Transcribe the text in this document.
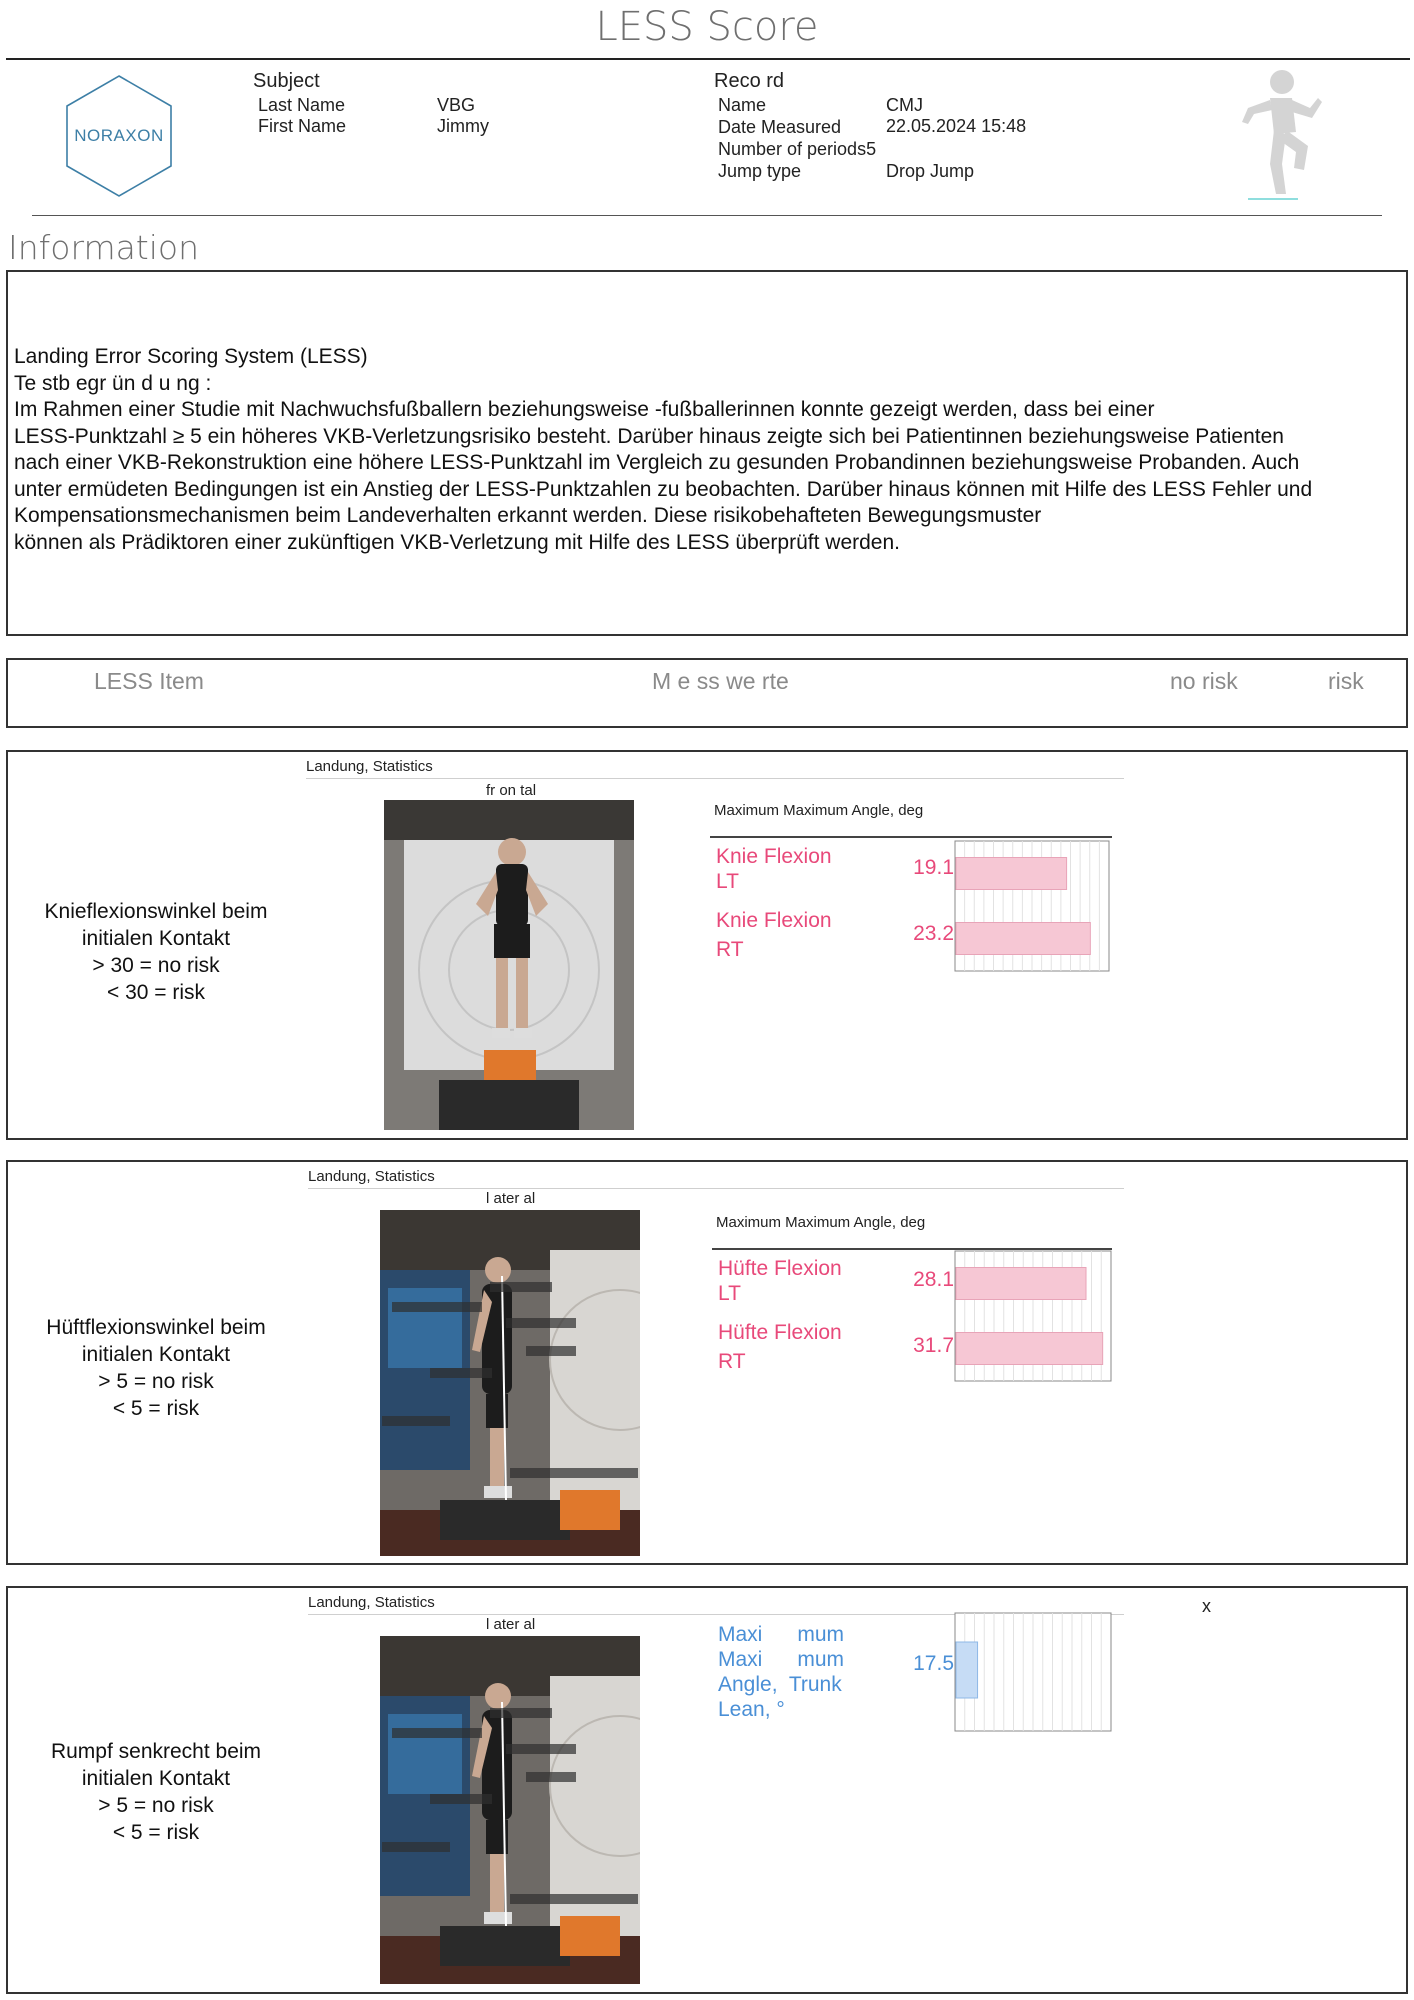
LESS Score
NORAXON
Subject
Last Name	VBG
First Name	Jimmy
Reco rd
Name	CMJ
Date Measured 22.05.2024 15:48
Number of periods5
Jump type	Drop Jump
Information
Landing Error Scoring System (LESS)
Te stb egr ün d u ng :
Im Rahmen einer Studie mit Nachwuchsfußballern beziehungsweise -fußballerinnen konnte gezeigt werden, dass bei einer
LESS-Punktzahl ≥ 5 ein höheres VKB-Verletzungsrisiko besteht. Darüber hinaus zeigte sich bei Patientinnen beziehungsweise Patienten
nach einer VKB-Rekonstruktion eine höhere LESS-Punktzahl im Vergleich zu gesunden Probandinnen beziehungsweise Probanden. Auch
unter ermüdeten Bedingungen ist ein Anstieg der LESS-Punktzahlen zu beobachten. Darüber hinaus können mit Hilfe des LESS Fehler und
Kompensationsmechanismen beim Landeverhalten erkannt werden. Diese risikobehafteten Bewegungsmuster
können als Prädiktoren einer zukünftigen VKB-Verletzung mit Hilfe des LESS überprüft werden.
LESS Item	M e ss we rte	no risk	risk
Knieflexionswinkel beim
initialen Kontakt
> 30 = no risk
< 30 = risk
Landung, Statistics
fr on tal
Maximum Maximum Angle, deg
Knie Flexion
LT
19.1
Knie Flexion
RT
23.2
Hüftflexionswinkel beim
initialen Kontakt
> 5 = no risk
< 5 = risk
Landung, Statistics
l ater al
Maximum Maximum Angle, deg
Hüfte Flexion
LT
28.1
Hüfte Flexion
RT
31.7
Rumpf senkrecht beim
initialen Kontakt
> 5 = no risk
< 5 = risk
Landung, Statistics	x
l ater al	Maxi      mum
Maxi      mum
Angle,  Trunk
Lean, °
17.5
